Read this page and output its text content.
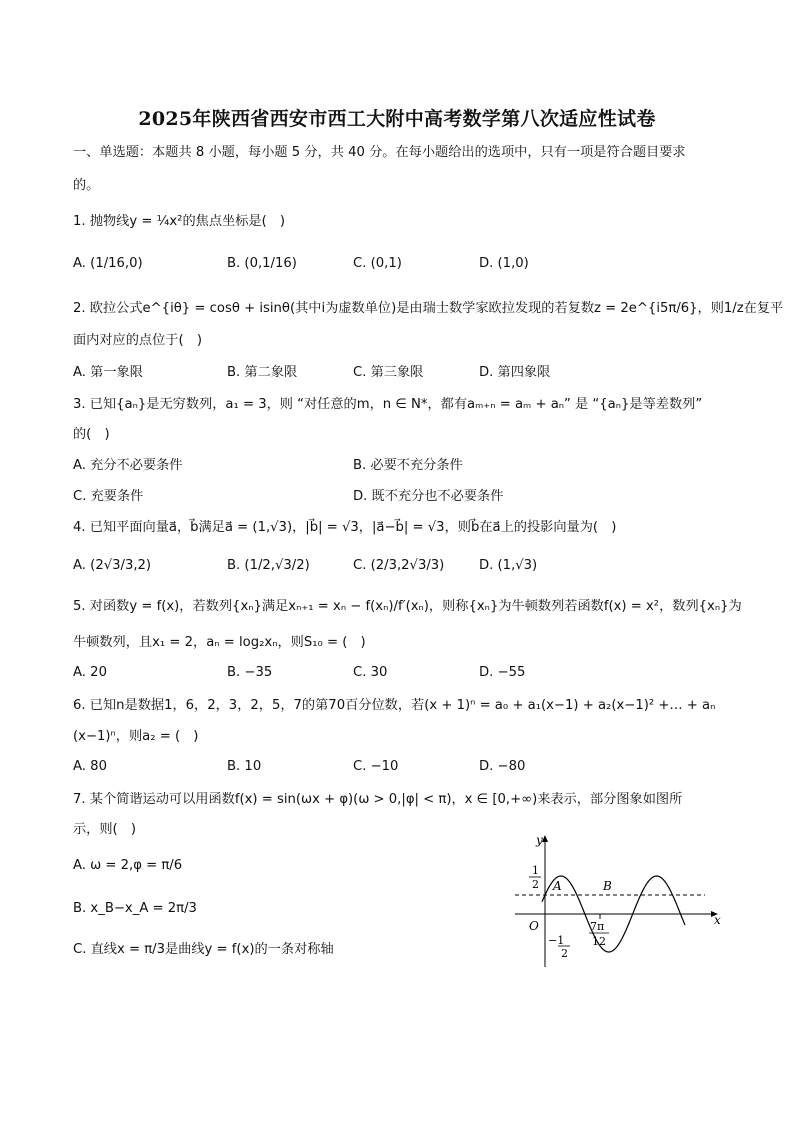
2025年陕西省西安市西工大附中高考数学第八次适应性试卷
一、单选题：本题共 8 小题，每小题 5 分，共 40 分。在每小题给出的选项中，只有一项是符合题目要求
的。
1. 抛物线y = ¼x²的焦点坐标是(　)
A. (1/16,0)	B. (0,1/16)	C. (0,1)	D. (1,0)
2. 欧拉公式e^{iθ} = cosθ + isinθ(其中i为虚数单位)是由瑞士数学家欧拉发现的若复数z = 2e^{i5π/6}，则1/z在复平
面内对应的点位于(　)
A. 第一象限	B. 第二象限	C. 第三象限	D. 第四象限
3. 已知{aₙ}是无穷数列，a₁ = 3，则 “对任意的m，n ∈ N*，都有aₘ₊ₙ = aₘ + aₙ” 是 “{aₙ}是等差数列”
的(　)
A. 充分不必要条件	B. 必要不充分条件
C. 充要条件	D. 既不充分也不必要条件
4. 已知平面向量a⃗，b⃗满足a⃗ = (1,√3)，|b⃗| = √3，|a⃗−b⃗| = √3，则b⃗在a⃗上的投影向量为(　)
A. (2√3/3,2)	B. (1/2,√3/2)	C. (2/3,2√3/3)	D. (1,√3)
5. 对函数y = f(x)，若数列{xₙ}满足xₙ₊₁ = xₙ − f(xₙ)/f′(xₙ)，则称{xₙ}为牛顿数列若函数f(x) = x²，数列{xₙ}为
牛顿数列，且x₁ = 2，aₙ = log₂xₙ，则S₁₀ = (　)
A. 20	B. −35	C. 30	D. −55
6. 已知n是数据1，6，2，3，2，5，7的第70百分位数，若(x + 1)ⁿ = a₀ + a₁(x−1) + a₂(x−1)² +… + aₙ
(x−1)ⁿ，则a₂ = (　)
A. 80	B. 10	C. −10	D. −80
7. 某个简谐运动可以用函数f(x) = sin(ωx + φ)(ω > 0,|φ| < π)，x ∈ [0,+∞)来表示，部分图象如图所
示，则(　)
A. ω = 2,φ = π/6
B. x_B−x_A = 2π/3
C. 直线x = π/3是曲线y = f(x)的一条对称轴
y
x
O
1
2
−1
2
7π
12
A	B
